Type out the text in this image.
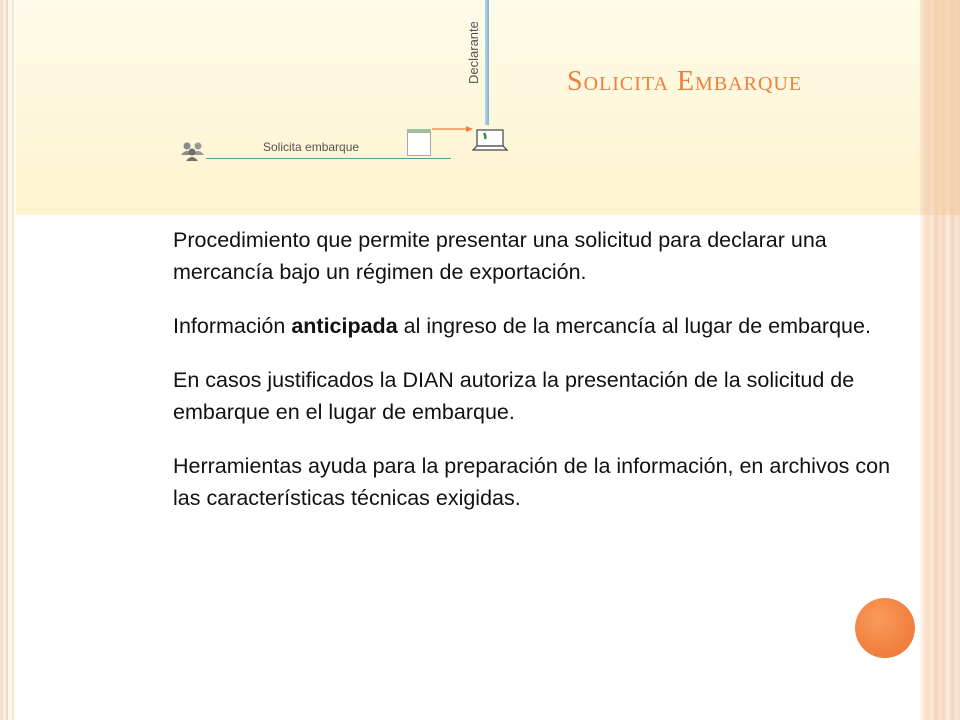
Solicita Embarque
Declarante
Solicita embarque

Procedimiento que permite presentar una solicitud para declarar una mercancía bajo un régimen de exportación.

Información anticipada al ingreso de la mercancía al lugar de embarque.

En casos justificados la DIAN autoriza la presentación de la solicitud de embarque en el lugar de embarque.

Herramientas ayuda para la preparación de la información, en archivos con las características técnicas exigidas.
